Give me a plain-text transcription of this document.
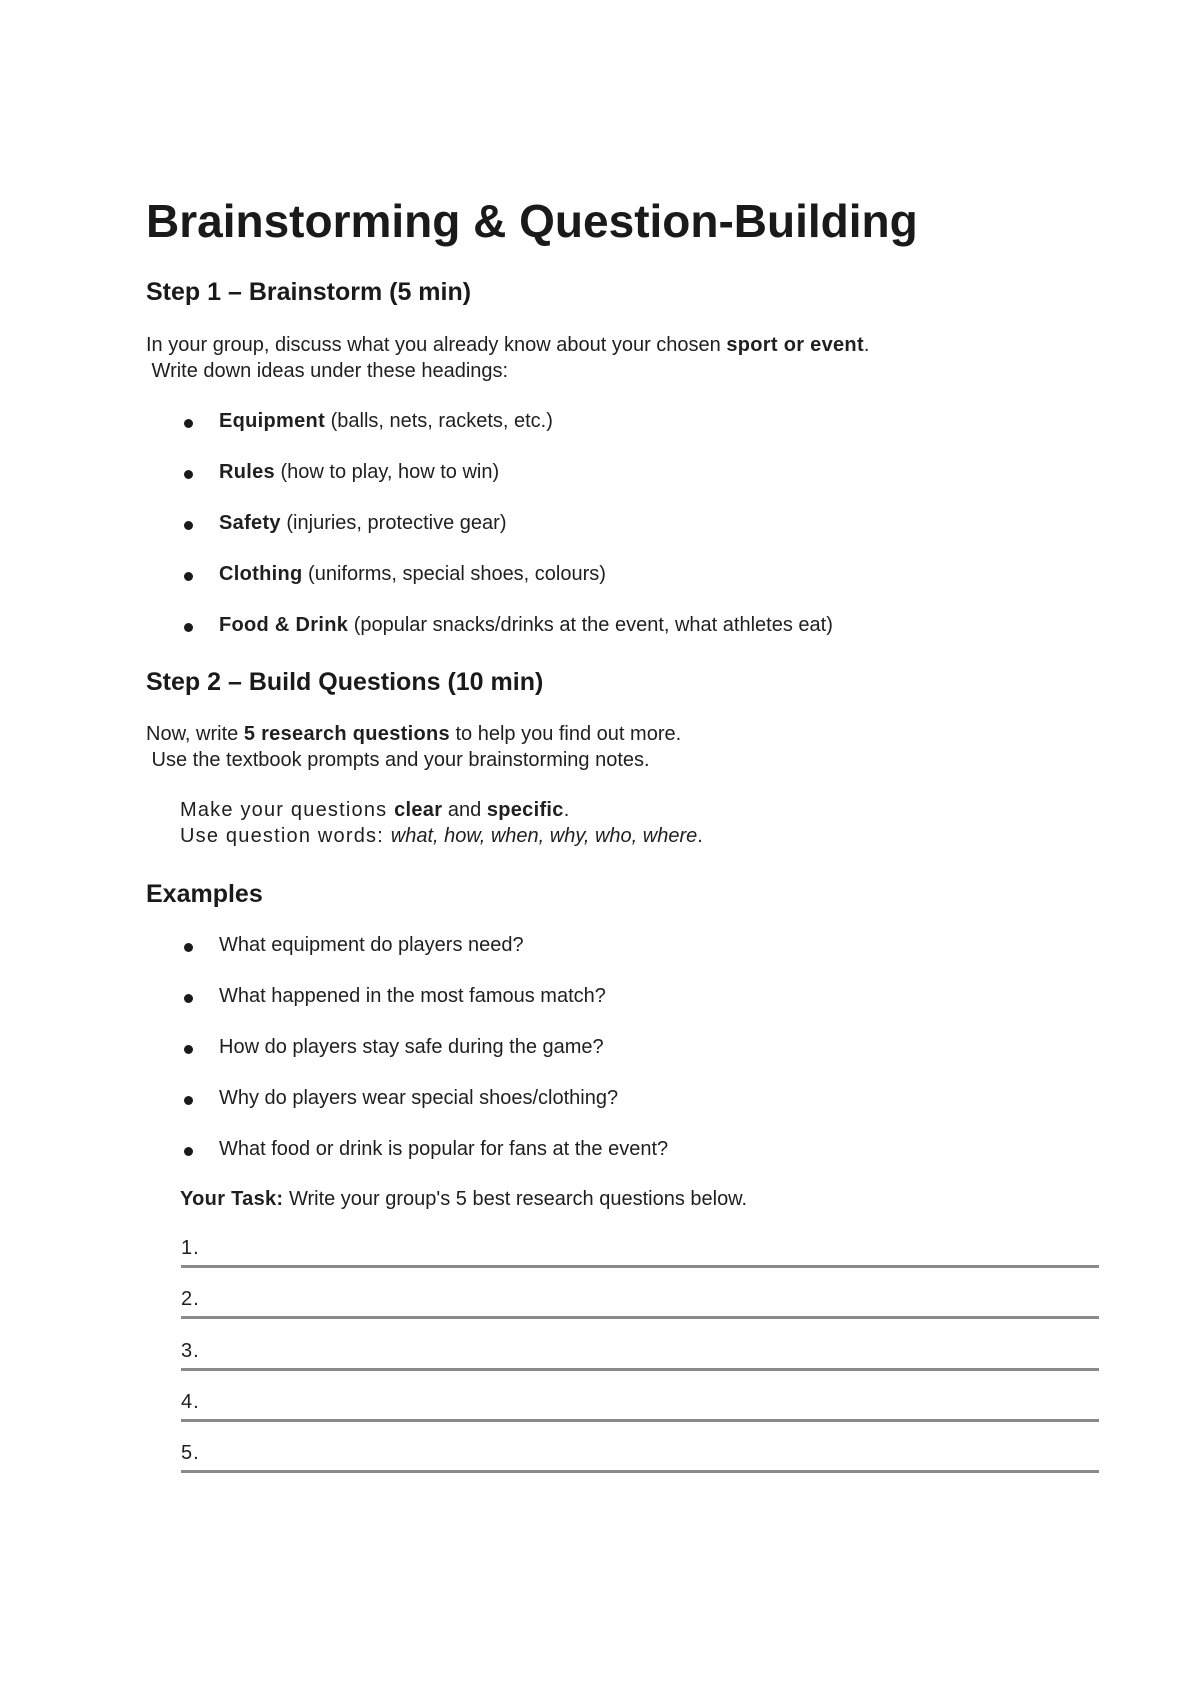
Brainstorming & Question-Building
Step 1 – Brainstorm (5 min)

In your group, discuss what you already know about your chosen sport or event.

Write down ideas under these headings:

Equipment (balls, nets, rackets, etc.)
Rules (how to play, how to win)
Safety (injuries, protective gear)
Clothing (uniforms, special shoes, colours)
Food & Drink (popular snacks/drinks at the event, what athletes eat)
Step 2 – Build Questions (10 min)

Now, write 5 research questions to help you find out more.

Use the textbook prompts and your brainstorming notes.

Make your questions clear and specific.

Use question words: what, how, when, why, who, where.

Examples
What equipment do players need?
What happened in the most famous match?
How do players stay safe during the game?
Why do players wear special shoes/clothing?
What food or drink is popular for fans at the event?

Your Task: Write your group's 5 best research questions below.

1.
2.
3.
4.
5.
